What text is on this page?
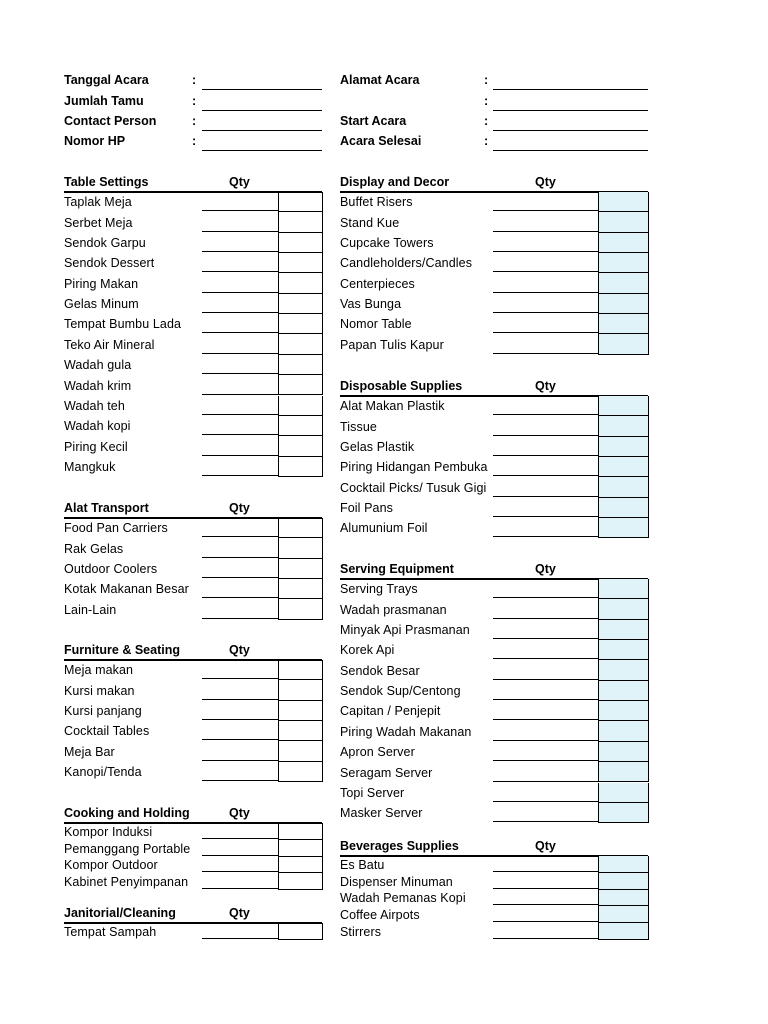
Tanggal Acara	:
Jumlah Tamu	:
Contact Person	:
Nomor HP	:
Alamat Acara	:
:
Start Acara	:
Acara Selesai	:
Table Settings	Qty
Taplak Meja
Serbet Meja
Sendok Garpu
Sendok Dessert
Piring Makan
Gelas Minum
Tempat Bumbu Lada
Teko Air Mineral
Wadah gula
Wadah krim
Wadah teh
Wadah kopi
Piring Kecil
Mangkuk
Alat Transport	Qty
Food Pan Carriers
Rak Gelas
Outdoor Coolers
Kotak Makanan Besar
Lain-Lain
Furniture & Seating	Qty
Meja makan
Kursi makan
Kursi panjang
Cocktail Tables
Meja Bar
Kanopi/Tenda
Cooking and Holding	Qty
Kompor Induksi
Pemanggang Portable
Kompor Outdoor
Kabinet Penyimpanan
Janitorial/Cleaning	Qty
Tempat Sampah
Display and Decor	Qty
Buffet Risers
Stand Kue
Cupcake Towers
Candleholders/Candles
Centerpieces
Vas Bunga
Nomor Table
Papan Tulis Kapur
Disposable Supplies	Qty
Alat Makan Plastik
Tissue
Gelas Plastik
Piring Hidangan Pembuka
Cocktail Picks/ Tusuk Gigi
Foil Pans
Alumunium Foil
Serving Equipment	Qty
Serving Trays
Wadah prasmanan
Minyak Api Prasmanan
Korek Api
Sendok Besar
Sendok Sup/Centong
Capitan / Penjepit
Piring Wadah Makanan
Apron Server
Seragam Server
Topi Server
Masker Server
Beverages Supplies	Qty
Es Batu
Dispenser Minuman
Wadah Pemanas Kopi
Coffee Airpots
Stirrers
